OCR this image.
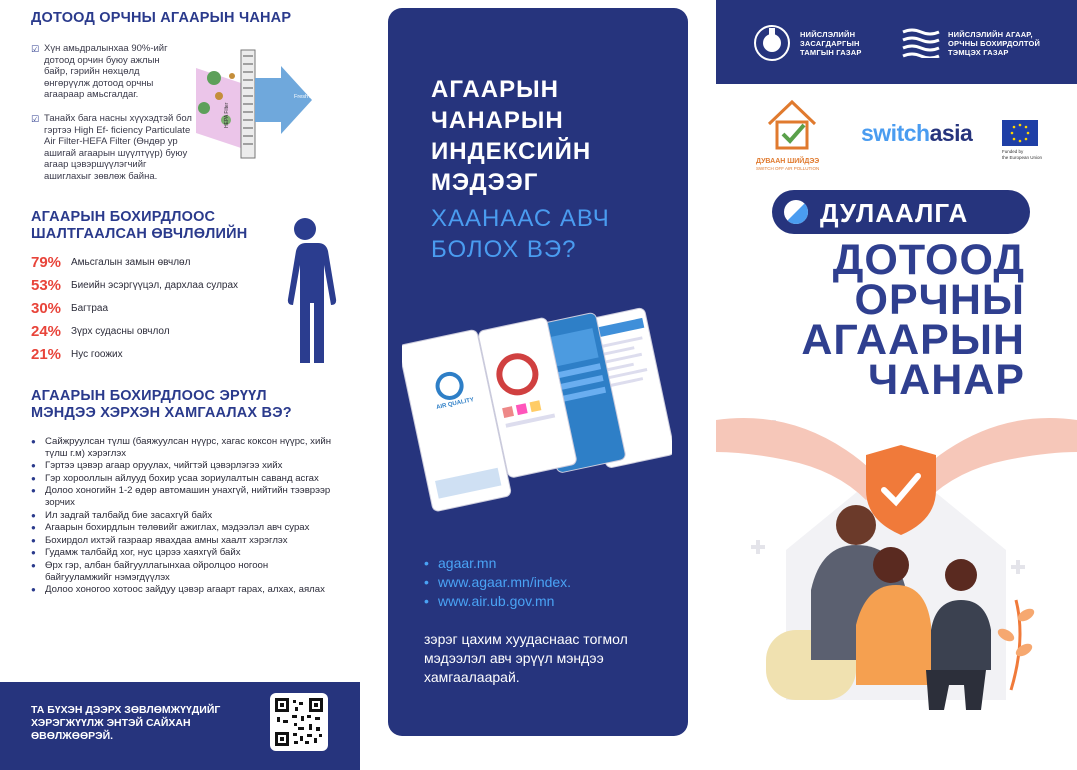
ДОТООД ОРЧНЫ АГААРЫН ЧАНАР
☑ Хүн амьдралынхаа 90%-ийг дотоод орчин буюу ажлын байр, гэрийн нөхцөлд өнгөрүүлж дотоод орчны агаараар амьсгалдаг.
☑ Танайх бага насны хүүхэдтэй бол гэртээ High Ef- ficiency Particulate Air Filter-HEFA Filter (Өндөр ур ашигай агаарын шүүлтүүр) буюу агаар цэвэршүүлэгчийг ашиглахыг зөвлөж байна.
Fresh Air
HEPA Filter
АГААРЫН БОХИРДЛООС
ШАЛТГААЛСАН ӨВЧЛӨЛИЙН
79% Амьсгалын замын өвчлөл
53% Биеийн эсэргүүцэл, дархлаа сулрах
30% Багтраа
24% Зүрх судасны овчлол
21% Нус гоожих
АГААРЫН БОХИРДЛООС ЭРҮҮЛ
МЭНДЭЭ ХЭРХЭН ХАМГААЛАХ ВЭ?
● Сайжруулсан түлш (баяжуулсан нүүрс, хагас коксон нүүрс, хийн түлш г.м) хэрэглэх
● Гэртээ цэвэр агаар оруулах, чийгтэй цэвэрлэгээ хийх
● Гэр хорооллын айлууд бохир усаа зориулалтын саванд асгах
● Долоо хоногийн 1-2 өдөр автомашин унахгүй, нийтийн тээврээр зорчих
● Ил задгай талбайд бие засахгүй байх
● Агаарын бохирдлын төлөвийг ажиглах, мэдээлэл авч сурах
● Бохирдол ихтэй газраар явахдаа амны хаалт хэрэглэх
● Гудамж талбайд хог, нус цэрээ хаяхгүй байх
● Өрх гэр, албан байгууллагынхаа ойролцоо ногоон байгууламжийг нэмэгдүүлэх
● Долоо хоногоо хотоос зайдуу цэвэр агаарт гарах, алхах, аялах
ТА БҮХЭН ДЭЭРХ ЗӨВЛӨМЖҮҮДИЙГ
ХЭРЭГЖҮҮЛЖ ЭНТЭЙ САЙХАН
ӨВӨЛЖӨӨРЭЙ.
АГААРЫН
ЧАНАРЫН
ИНДЕКСИЙН
МЭДЭЭГ
ХААНААС АВЧ
БОЛОХ ВЭ?
AIR QUALITY
• agaar.mn
• www.agaar.mn/index.
• www.air.ub.gov.mn
зэрэг цахим хуудаснаас тогмол мэдээлэл авч эрүүл мэндээ хамгаалаарай.
НИЙСЛЭЛИЙН
ЗАСАГДАРГЫН
ТАМГЫН ГАЗАР
НИЙСЛЭЛИЙН АГААР,
ОРЧНЫ БОХИРДОЛТОЙ
ТЭМЦЭХ ГАЗАР
ДУВААН ШИЙДЭЭ
SWITCH OFF AIR POLLUTION
switchasia
Funded by
the European Union
ДУЛААЛГА
ДОТООД
ОРЧНЫ
АГААРЫН
ЧАНАР
